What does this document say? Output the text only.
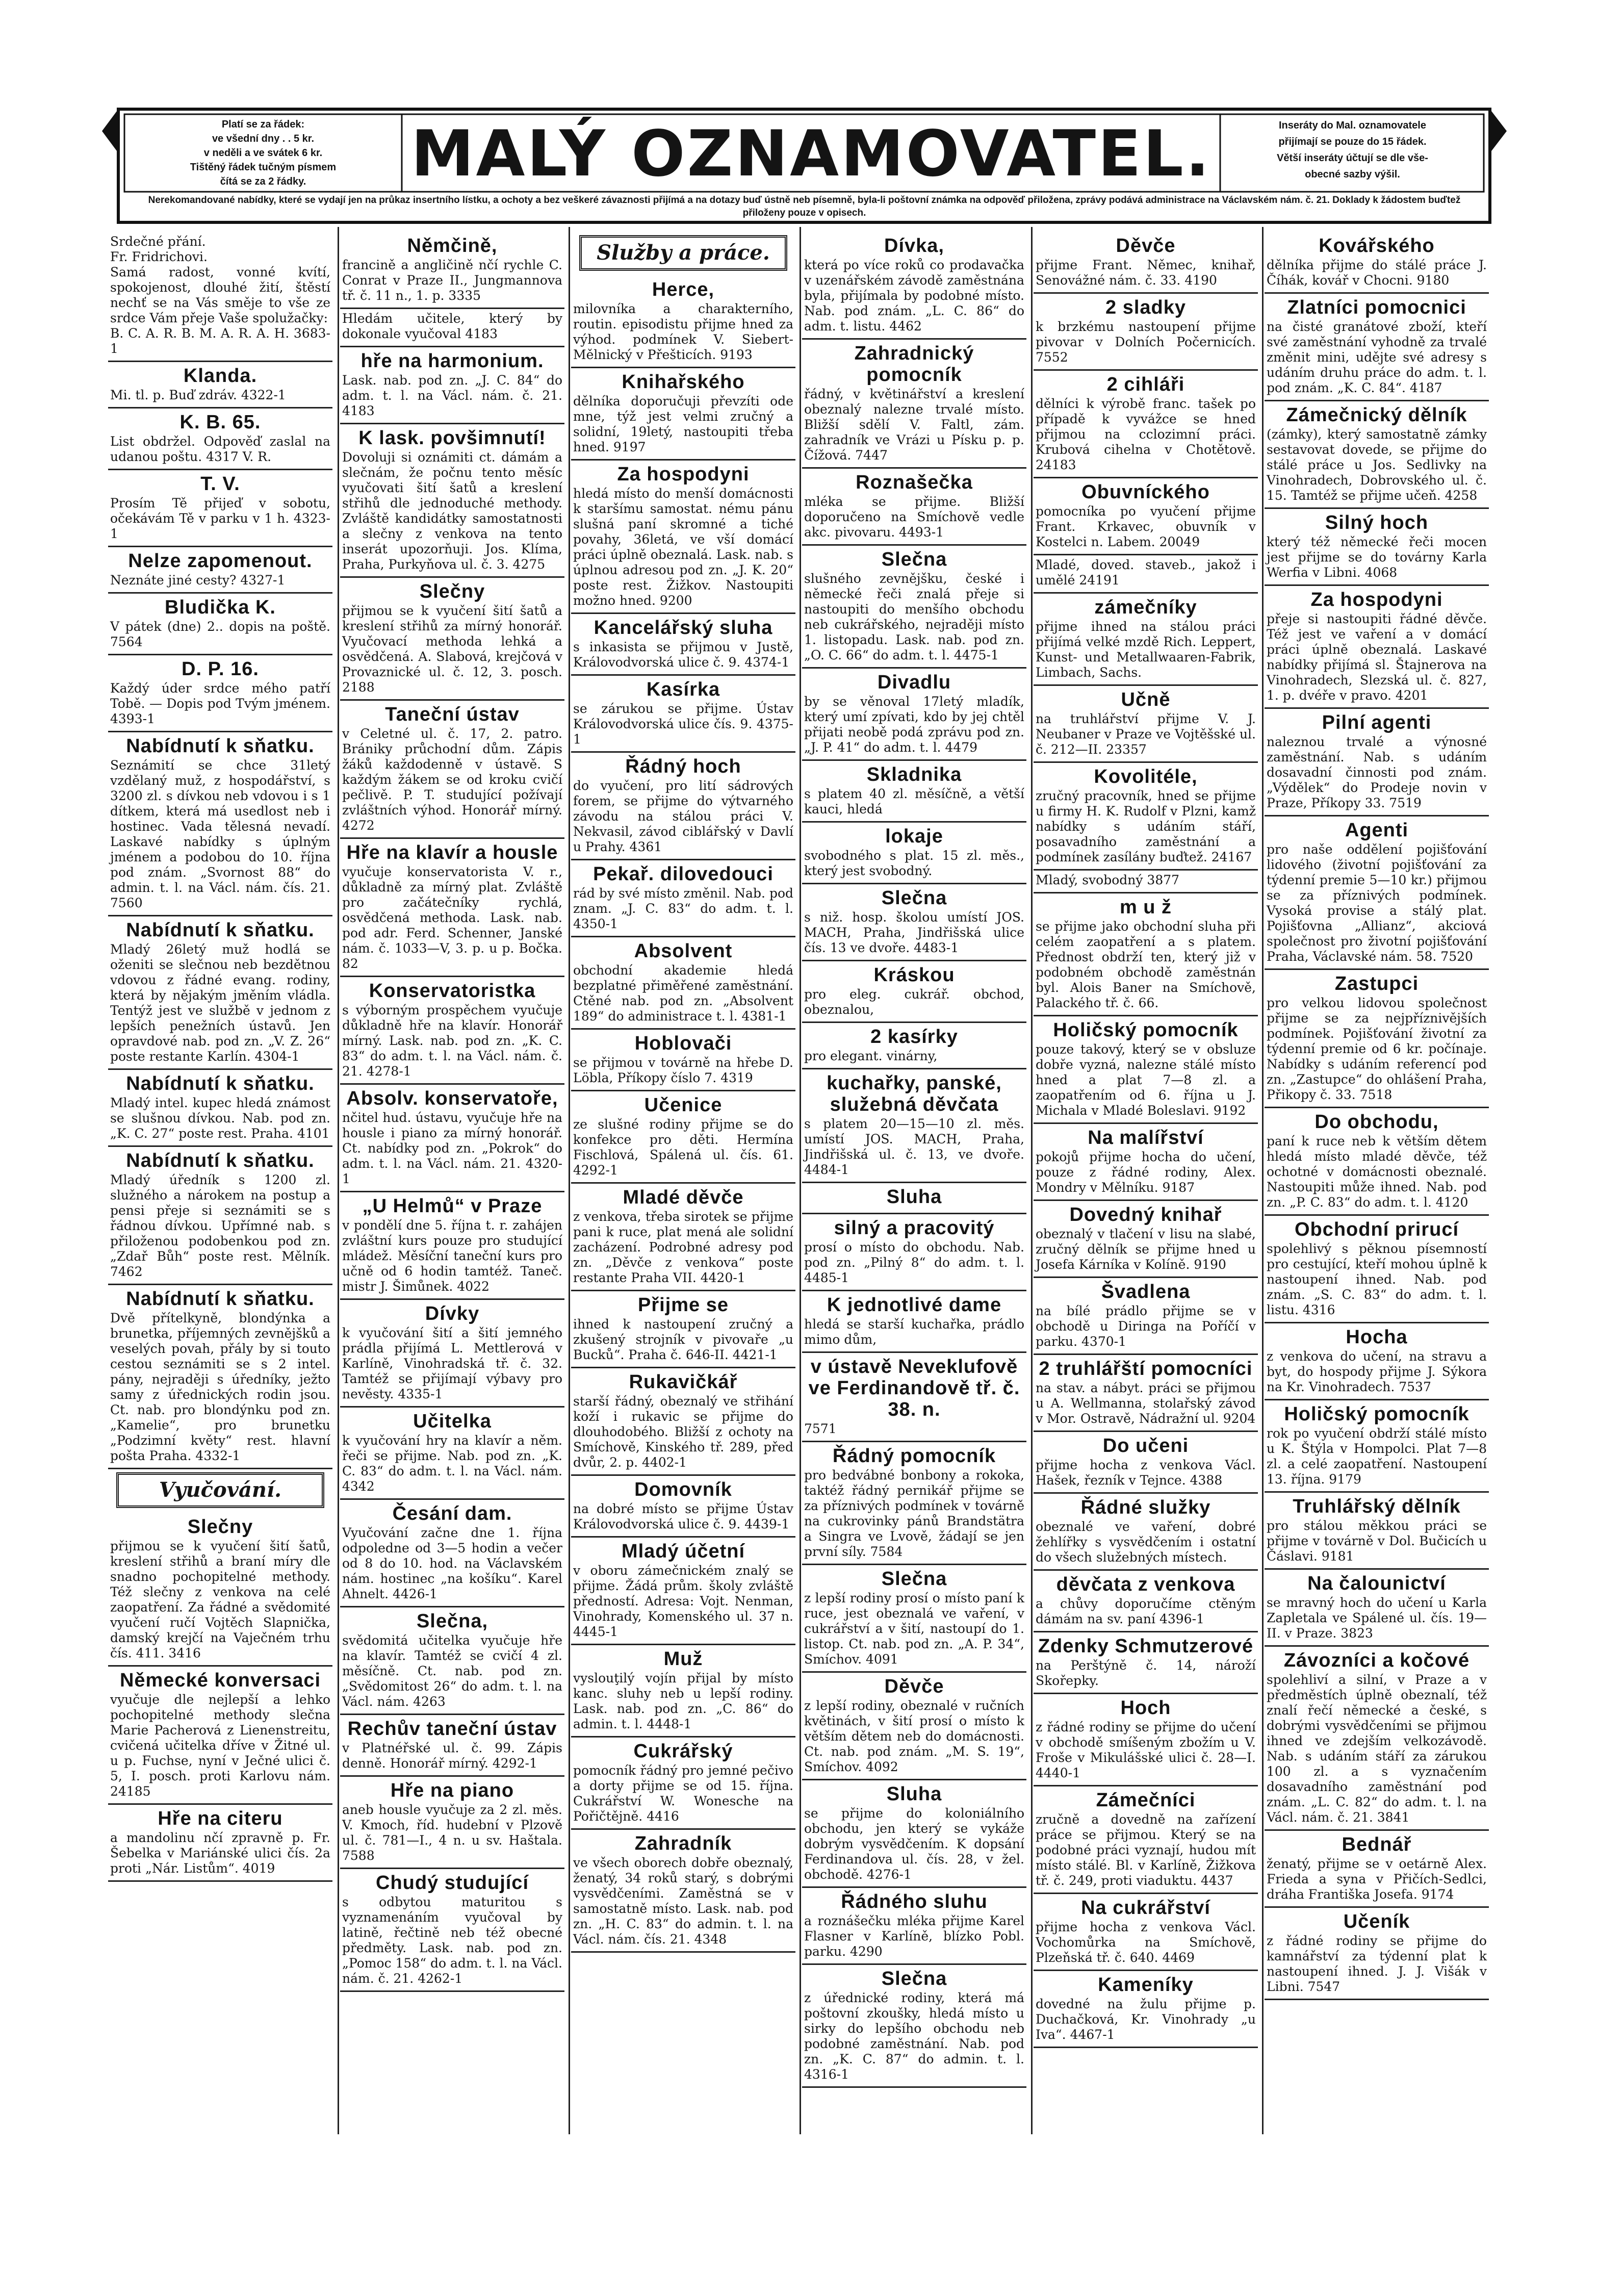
Platí se za řádek:
ve všední dny . . 5 kr.
v neděli a ve svátek 6 kr.
Tištěný řádek tučným písmem
čítá se za 2 řádky.	MALÝ OZNAMOVATEL.	Inseráty do Mal. oznamovatele
přijímají se pouze do 15 řádek.
Větší inseráty účtují se dle vše-
obecné sazby výšil.
Nerekomandované nabídky, které se vydají jen na průkaz insertního lístku, a ochoty a bez veškeré závaznosti přijímá a na dotazy buď ústně neb písemně, byla-li poštovní známka na odpověď přiložena, zprávy podává administrace na Václavském nám. č. 21. Doklady k žádostem buďtež přiloženy pouze v opisech.
Srdečné přání.
Fr. Fridrichovi.
Samá radost, vonné kvítí, spokojenost, dlouhé žití, štěstí nechť se na Vás směje to vše ze srdce Vám přeje Vaše spolužačky:
B. C. A. R. B. M. A. R. A. H. 3683-1
Klanda.
Mi. tl. p. Buď zdráv. 4322-1
K. B. 65.
List obdržel. Odpověď zaslal na udanou poštu. 4317 V. R.
T. V.
Prosím Tě přijeď v sobotu, očekávám Tě v parku v 1 h. 4323-1
Nelze zapomenout.
Neznáte jiné cesty? 4327-1
Bludička K.
V pátek (dne) 2.. dopis na poště. 7564
D. P. 16.
Každý úder srdce mého patří Tobě. — Dopis pod Tvým jménem. 4393-1
Nabídnutí k sňatku.
Seznámití se chce 31letý vzdělaný muž, z hospodářství, s 3200 zl. s dívkou neb vdovou i s 1 dítkem, která má usedlost neb i hostinec. Vada tělesná nevadí. Laskavé nabídky s úplným jménem a podobou do 10. října pod znám. „Svornost 88“ do admin. t. l. na Václ. nám. čís. 21. 7560
Nabídnutí k sňatku.
Mladý 26letý muž hodlá se oženiti se slečnou neb bezdětnou vdovou z řádné evang. rodiny, která by nějakým jměním vládla. Tentýž jest ve službě v jednom z lepších penežních ústavů. Jen opravdové nab. pod zn. „V. Z. 26“ poste restante Karlín. 4304-1
Nabídnutí k sňatku.
Mladý intel. kupec hledá známost se slušnou dívkou. Nab. pod zn. „K. C. 27“ poste rest. Praha. 4101
Nabídnutí k sňatku.
Mladý úředník s 1200 zl. služného a nárokem na postup a pensi přeje si seznámiti se s řádnou dívkou. Upřímné nab. s přiloženou podobenkou pod zn. „Zdař Bůh“ poste rest. Mělník. 7462
Nabídnutí k sňatku.
Dvě přítelkyně, blondýnka a brunetka, příjemných zevnějšků a veselých povah, přály by si touto cestou seznámiti se s 2 intel. pány, nejraději s úředníky, ježto samy z úřednických rodin jsou. Ct. nab. pro blondýnku pod zn. „Kamelie“, pro brunetku „Podzimní květy“ rest. hlavní pošta Praha. 4332-1
Vyučování.
Slečny
přijmou se k vyučení šití šatů, kreslení střihů a braní míry dle snadno pochopitelné methody. Též slečny z venkova na celé zaopatření. Za řádné a svědomité vyučení ručí Vojtěch Slapnička, damský krejčí na Vaječném trhu čís. 411. 3416
Německé konversaci
vyučuje dle nejlepší a lehko pochopitelné methody slečna Marie Pacherová z Lienenstreitu, cvičená učitelka dříve v Žitné ul. u p. Fuchse, nyní v Ječné ulici č. 5, I. posch. proti Karlovu nám. 24185
Hře na citeru
a mandolinu nčí zpravně p. Fr. Šebelka v Mariánské ulici čís. 2a proti „Nár. Listům“. 4019
Němčině,
francině a angličině nčí rychle C. Conrat v Praze II., Jungmannova tř. č. 11 n., 1. p. 3335
Hledám učitele, který by dokonale vyučoval 4183
hře na harmonium.
Lask. nab. pod zn. „J. C. 84“ do adm. t. l. na Václ. nám. č. 21. 4183
K lask. povšimnutí!
Dovoluji si oznámiti ct. dámám a slečnám, že počnu tento měsíc vyučovati šití šatů a kreslení střihů dle jednoduché methody. Zvláště kandidátky samostatnosti a slečny z venkova na tento inserát upozorňuji. Jos. Klíma, Praha, Purkyňova ul. č. 3. 4275
Slečny
přijmou se k vyučení šití šatů a kreslení střihů za mírný honorář. Vyučovací methoda lehká a osvědčená. A. Slabová, krejčová v Provaznické ul. č. 12, 3. posch. 2188
Taneční ústav
v Celetné ul. č. 17, 2. patro. Brániky průchodní dům. Zápis žáků každodenně v ústavě. S každým žákem se od kroku cvičí pečlivě. P. T. studující požívají zvláštních výhod. Honorář mírný. 4272
Hře na klavír a housle
vyučuje konservatorista V. r., důkladně za mírný plat. Zvláště pro začátečníky rychlá, osvědčená methoda. Lask. nab. pod adr. Ferd. Schenner, Janské nám. č. 1033—V, 3. p. u p. Bočka. 82
Konservatoristka
s výborným prospěchem vyučuje důkladně hře na klavír. Honorář mírný. Lask. nab. pod zn. „K. C. 83“ do adm. t. l. na Václ. nám. č. 21. 4278-1
Absolv. konservatoře,
nčitel hud. ústavu, vyučuje hře na housle i piano za mírný honorář. Ct. nabídky pod zn. „Pokrok“ do adm. t. l. na Václ. nám. 21. 4320-1
„U Helmů“ v Praze
v pondělí dne 5. října t. r. zahájen zvláštní kurs pouze pro studující mládež. Měsíční taneční kurs pro učně od 6 hodin tamtéž. Taneč. mistr J. Šimůnek. 4022
Dívky
k vyučování šití a šití jemného prádla přijímá L. Mettlerová v Karlíně, Vinohradská tř. č. 32. Tamtéž se přijímají výbavy pro nevěsty. 4335-1
Učitelka
k vyučování hry na klavír a něm. řeči se přijme. Nab. pod zn. „K. C. 83“ do adm. t. l. na Václ. nám. 4342
Česání dam.
Vyučování začne dne 1. října odpoledne od 3—5 hodin a večer od 8 do 10. hod. na Václavském nám. hostinec „na košíku“. Karel Ahnelt. 4426-1
Slečna,
svědomitá učitelka vyučuje hře na klavír. Tamtéž se cvičí 4 zl. měsíčně. Ct. nab. pod zn. „Svědomitost 26“ do adm. t. l. na Václ. nám. 4263
Rechův taneční ústav
v Platnéřské ul. č. 99. Zápis denně. Honorář mírný. 4292-1
Hře na piano
aneb housle vyučuje za 2 zl. měs. V. Kmoch, říd. hudební v Plzově ul. č. 781—I., 4 n. u sv. Haštala. 7588
Chudý studující
s odbytou maturitou s vyznamenáním vyučoval by latině, řečtině neb též obecné předměty. Lask. nab. pod zn. „Pomoc 158“ do adm. t. l. na Václ. nám. č. 21. 4262-1
Služby a práce.
Herce,
milovníka a charakterního, routin. episodistu přijme hned za výhod. podmínek V. Siebert-Mělnický v Přešticích. 9193
Knihařského
dělníka doporučuji převzíti ode mne, týž jest velmi zručný a solidní, 19letý, nastoupiti třeba hned. 9197
Za hospodyni
hledá místo do menší domácnosti k staršímu samostat. nému pánu slušná paní skromné a tiché povahy, 36letá, ve vší domácí práci úplně obeznalá. Lask. nab. s úplnou adresou pod zn. „J. K. 20“ poste rest. Žižkov. Nastoupiti možno hned. 9200
Kancelářský sluha
s inkasista se přijmou v Justě, Královodvorská ulice č. 9. 4374-1
Kasírka
se zárukou se přijme. Ústav Královodvorská ulice čís. 9. 4375-1
Řádný hoch
do vyučení, pro lití sádrových forem, se přijme do výtvarného závodu na stálou práci V. Nekvasil, závod ciblářský v Davlí u Prahy. 4361
Pekař. dilovedouci
rád by své místo změnil. Nab. pod znam. „J. C. 83“ do adm. t. l. 4350-1
Absolvent
obchodní akademie hledá bezplatné přiměřené zaměstnání. Ctěné nab. pod zn. „Absolvent 189“ do administrace t. l. 4381-1
Hoblovači
se přijmou v továrně na hřebe D. Löbla, Příkopy číslo 7. 4319
Učenice
ze slušné rodiny přijme se do konfekce pro děti. Hermína Fischlová, Spálená ul. čís. 61. 4292-1
Mladé děvče
z venkova, třeba sirotek se přijme pani k ruce, plat mená ale solidní zacházení. Podrobné adresy pod zn. „Děvče z venkova“ poste restante Praha VII. 4420-1
Přijme se
ihned k nastoupení zručný a zkušený strojník v pivovaře „u Bucků“. Praha č. 646-II. 4421-1
Rukavičkář
starší řádný, obeznalý ve střihání koží i rukavic se přijme do dlouhodobého. Bližší z ochoty na Smíchově, Kinského tř. 289, před dvůr, 2. p. 4402-1
Domovník
na dobré místo se přijme Ústav Královodvorská ulice č. 9. 4439-1
Mladý účetní
v oboru zámečnickém znalý se přijme. Žádá prům. školy zvláště předností. Adresa: Vojt. Nenman, Vinohrady, Komenského ul. 37 n. 4445-1
Muž
vyslouţilý vojín přijal by místo kanc. sluhy neb u lepší rodiny. Lask. nab. pod zn. „C. 86“ do admin. t. l. 4448-1
Cukrářský
pomocník řádný pro jemné pečivo a dorty přijme se od 15. října. Cukrářství W. Wonesche na Pořičtějně. 4416
Zahradník
ve všech oborech dobře obeznalý, ženatý, 34 roků starý, s dobrými vysvědčeními. Zaměstná se v samostatně místo. Lask. nab. pod zn. „H. C. 83“ do admin. t. l. na Václ. nám. čís. 21. 4348
Dívka,
která po více roků co prodavačka v uzenářském závodě zaměstnána byla, přijímala by podobné místo. Nab. pod znám. „L. C. 86“ do adm. t. listu. 4462
Zahradnický pomocník
řádný, v květinářství a kreslení obeznalý nalezne trvalé místo. Bližší sdělí V. Faltl, zám. zahradník ve Vrázi u Písku p. p. Čížová. 7447
Roznašečka
mléka se přijme. Bližší doporučeno na Smíchově vedle akc. pivovaru. 4493-1
Slečna
slušného zevnějšku, české i německé řeči znalá přeje si nastoupiti do menšího obchodu neb cukrářského, nejraději místo 1. listopadu. Lask. nab. pod zn. „O. C. 66“ do adm. t. l. 4475-1
Divadlu
by se věnoval 17letý mladík, který umí zpívati, kdo by jej chtěl přijati neobě podá zprávu pod zn. „J. P. 41“ do adm. t. l. 4479
Skladnika
s platem 40 zl. měsíčně, a větší kauci, hledá
lokaje
svobodného s plat. 15 zl. měs., který jest svobodný.
Slečna
s niž. hosp. školou umístí JOS. MACH, Praha, Jindřišská ulice čís. 13 ve dvoře. 4483-1
Kráskou
pro eleg. cukrář. obchod, obeznalou,
2 kasírky
pro elegant. vinárny,
kuchařky, panské, služebná děvčata
s platem 20—15—10 zl. měs. umístí JOS. MACH, Praha, Jindřišská ul. č. 13, ve dvoře. 4484-1
Sluha
silný a pracovitý
prosí o místo do obchodu. Nab. pod zn. „Pilný 8“ do adm. t. l. 4485-1
K jednotlivé dame
hledá se starší kuchařka, prádlo mimo dům,
v ústavě Neveklufově ve Ferdinandově tř. č. 38. n.
7571
Řádný pomocník
pro bedvábné bonbony a rokoka, taktéž řádný pernikář přijme se za příznivých podmínek v továrně na cukrovinky pánů Brandstätra a Singra ve Lvově, žádají se jen první síly. 7584
Slečna
z lepší rodiny prosí o místo paní k ruce, jest obeznalá ve vaření, v cukrářství a v šití, nastoupí do 1. listop. Ct. nab. pod zn. „A. P. 34“, Smíchov. 4091
Děvče
z lepší rodiny, obeznalé v ručních květinách, v šití prosí o místo k větším dětem neb do domácnosti. Ct. nab. pod znám. „M. S. 19“, Smíchov. 4092
Sluha
se přijme do koloniálního obchodu, jen který se vykáže dobrým vysvědčením. K dopsání Ferdinandova ul. čís. 28, v žel. obchodě. 4276-1
Řádného sluhu
a roznášečku mléka přijme Karel Flasner v Karlíně, blízko Pobl. parku. 4290
Slečna
z úřednické rodiny, která má poštovní zkoušky, hledá místo u sirky do lepšího obchodu neb podobné zaměstnání. Nab. pod zn. „K. C. 87“ do admin. t. l. 4316-1
Děvče
přijme Frant. Němec, knihař, Senovážné nám. č. 33. 4190
2 sladky
k brzkému nastoupení přijme pivovar v Dolních Počernicích. 7552
2 cihláři
dělníci k výrobě franc. tašek po případě k vyvážce se hned přijmou na cclozimní práci. Krubová cihelna v Chotětově. 24183
Obuvníckého
pomocníka po vyučení přijme Frant. Krkavec, obuvník v Kostelci n. Labem. 20049
Mladé, doved. staveb., jakož i umělé 24191
zámečníky
přijme ihned na stálou práci přijímá velké mzdě Rich. Leppert, Kunst- und Metallwaaren-Fabrik, Limbach, Sachs.
Učně
na truhlářství přijme V. J. Neubaner v Praze ve Vojtěšské ul. č. 212—II. 23357
Kovolitéle,
zručný pracovník, hned se přijme u firmy H. K. Rudolf v Plzni, kamž nabídky s udáním stáří, posavadního zaměstnání a podmínek zasílány buďtež. 24167
Mladý, svobodný 3877
m u ž
se přijme jako obchodní sluha při celém zaopatření a s platem. Přednost obdrží ten, který již v podobném obchodě zaměstnán byl. Alois Baner na Smíchově, Palackého tř. č. 66.
Holičský pomocník
pouze takový, který se v obsluze dobře vyzná, nalezne stálé místo hned a plat 7—8 zl. a zaopatřením od 6. října u J. Michala v Mladé Boleslavi. 9192
Na malířství
pokojů přijme hocha do učení, pouze z řádné rodiny, Alex. Mondry v Mělníku. 9187
Dovedný knihař
obeznalý v tlačení v lisu na slabé, zručný dělník se přijme hned u Josefa Kárníka v Kolíně. 9190
Švadlena
na bílé prádlo přijme se v obchodě u Diringa na Poříčí v parku. 4370-1
2 truhlářští pomocníci
na stav. a nábyt. práci se přijmou u A. Wellmanna, stolařský závod v Mor. Ostravě, Nádražní ul. 9204
Do učeni
přijme hocha z venkova Václ. Hašek, řezník v Tejnce. 4388
Řádné služky
obeznalé ve vaření, dobré žehlířky s vysvědčením i ostatní do všech služebných místech.
děvčata z venkova
a chůvy doporučíme ctěným dámám na sv. paní 4396-1
Zdenky Schmutzerové
na Perštýně č. 14, nároží Skořepky.
Hoch
z řádné rodiny se přijme do učení v obchodě smíšeným zbožím u V. Froše v Mikulášské ulici č. 28—I. 4440-1
Zámečníci
zručně a dovedně na zařízení práce se přijmou. Který se na podobné práci vyznají, hudou mít místo stálé. Bl. v Karlíně, Žižkova tř. č. 249, proti viaduktu. 4437
Na cukrářství
přijme hocha z venkova Václ. Vochomůrka na Smíchově, Plzeňská tř. č. 640. 4469
Kameníky
dovedné na žulu přijme p. Duchačková, Kr. Vinohrady „u Iva“. 4467-1
Kovářského
dělníka přijme do stálé práce J. Číhák, kovář v Chocni. 9180
Zlatníci pomocnici
na čisté granátové zboží, kteří své zaměstnání vyhodně za trvalé změnit mini, udějte své adresy s udáním druhu práce do adm. t. l. pod znám. „K. C. 84“. 4187
Zámečnický dělník
(zámky), který samostatně zámky sestavovat dovede, se přijme do stálé práce u Jos. Sedlivky na Vinohradech, Dobrovského ul. č. 15. Tamtéž se přijme učeň. 4258
Silný hoch
který též německé řeči mocen jest přijme se do továrny Karla Werfia v Libni. 4068
Za hospodyni
přeje si nastoupiti řádné děvče. Též jest ve vaření a v domácí práci úplně obeznalá. Laskavé nabídky přijímá sl. Štajnerova na Vinohradech, Slezská ul. č. 827, 1. p. dvéře v pravo. 4201
Pilní agenti
naleznou trvalé a výnosné zaměstnání. Nab. s udáním dosavadní činnosti pod znám. „Výdělek“ do Prodeje novin v Praze, Příkopy 33. 7519
Agenti
pro naše oddělení pojišťování lidového (životní pojišťování za týdenní premie 5—10 kr.) přijmou se za příznivých podmínek. Vysoká provise a stálý plat. Pojišťovna „Allianz“, akciová společnost pro životní pojišťování Praha, Václavské nám. 58. 7520
Zastupci
pro velkou lidovou společnost přijme se za nejpříznivějších podmínek. Pojišťování životní za týdenní premie od 6 kr. počínaje. Nabídky s udáním referencí pod zn. „Zastupce“ do ohlášení Praha, Přikopy č. 33. 7518
Do obchodu,
paní k ruce neb k větším dětem hledá místo mladé děvče, též ochotné v domácnosti obeznalé. Nastoupiti může ihned. Nab. pod zn. „P. C. 83“ do adm. t. l. 4120
Obchodní prirucí
spolehlivý s pěknou písemností pro cestující, kteří mohou úplně k nastoupení ihned. Nab. pod znám. „S. C. 83“ do adm. t. l. listu. 4316
Hocha
z venkova do učení, na stravu a byt, do hospody přijme J. Sýkora na Kr. Vinohradech. 7537
Holičský pomocník
rok po vyučení obdrží stálé místo u K. Štýla v Hompolci. Plat 7—8 zl. a celé zaopatření. Nastoupení 13. října. 9179
Truhlářský dělník
pro stálou měkkou práci se přijme v továrně v Dol. Bučicích u Čáslavi. 9181
Na čalounictví
se mravný hoch do učení u Karla Zapletala ve Spálené ul. čís. 19—II. v Praze. 3823
Závozníci a kočové
spolehliví a silní, v Praze a v předměstích úplně obeznalí, též znalí řečí německé a české, s dobrými vysvědčeními se přijmou ihned ve zdejším velkozávodě. Nab. s udáním stáří za zárukou 100 zl. a s vyznačením dosavadního zaměstnání pod znám. „L. C. 82“ do adm. t. l. na Václ. nám. č. 21. 3841
Bednář
ženatý, přijme se v oetárně Alex. Frieda a syna v Přičích-Sedlci, dráha Františka Josefa. 9174
Učeník
z řádné rodiny se přijme do kamnářství za týdenní plat k nastoupení ihned. J. J. Višák v Libni. 7547
